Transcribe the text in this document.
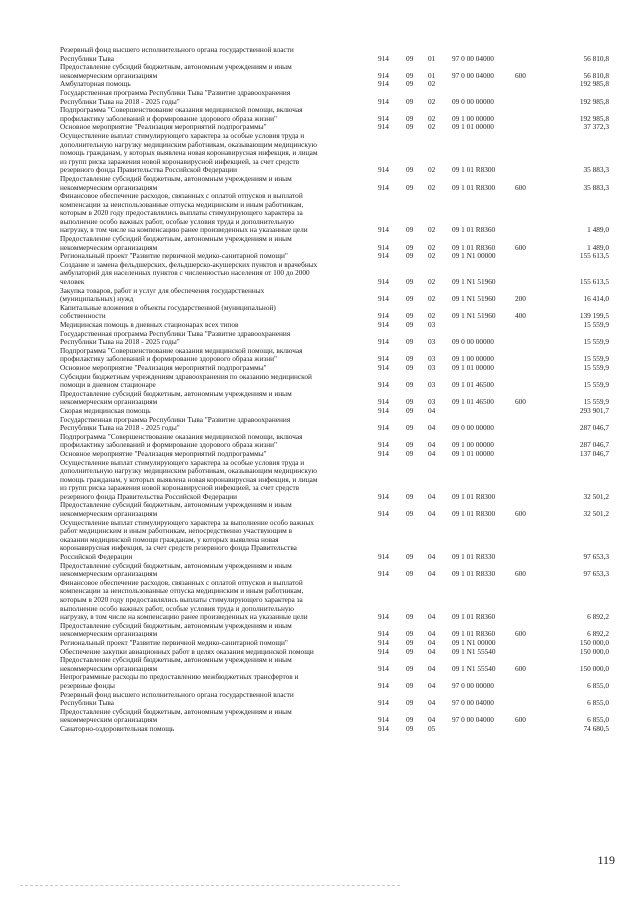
Резервный фонд высшего исполнительного органа государственной власти
Республики Тыва	914 09 01 97 0 00 04000	56 810,8
Предоставление субсидий бюджетным, автономным учреждениям и иным
некоммерческим организациям	914 09 01 97 0 00 04000	600	56 810,8
Амбулаторная помощь	914 09 02	192 985,8
Государственная программа Республики Тыва "Развитие здравоохранения
Республики Тыва на 2018 - 2025 годы"	914 09 02 09 0 00 00000	192 985,8
Подпрограмма "Совершенствование оказания медицинской помощи, включая
профилактику заболеваний и формирование здорового образа жизни"	914 09 02 09 1 00 00000	192 985,8
Основное мероприятие "Реализация мероприятий подпрограммы"	914 09 02 09 1 01 00000	37 372,3
Осуществление выплат стимулирующего характера за особые условия труда и
дополнительную нагрузку медицинским работникам, оказывающим медицинскую
помощь гражданам, у которых выявлена новая коронавирусная инфекция, и лицам
из групп риска заражения новой коронавирусной инфекцией, за счет средств
резервного фонда Правительства Российской Федерации	914 09 02 09 1 01 R8300	35 883,3
Предоставление субсидий бюджетным, автономным учреждениям и иным
некоммерческим организациям	914 09 02 09 1 01 R8300	600	35 883,3
Финансовое обеспечение расходов, связанных с оплатой отпусков и выплатой
компенсации за неиспользованные отпуска медицинским и иным работникам,
которым в 2020 году предоставлялись выплаты стимулирующего характера за
выполнение особо важных работ, особые условия труда и дополнительную
нагрузку, в том числе на компенсацию ранее произведенных на указанные цели	914 09 02 09 1 01 R8360	1 489,0
Предоставление субсидий бюджетным, автономным учреждениям и иным
некоммерческим организациям	914 09 02 09 1 01 R8360	600	1 489,0
Региональный проект "Развитие первичной медико-санитарной помощи"	914 09 02 09 1 N1 00000	155 613,5
Создание и замена фельдшерских, фельдшерско-акушерских пунктов и врачебных
амбулаторий для населенных пунктов с численностью населения от 100 до 2000
человек	914 09 02 09 1 N1 51960	155 613,5
Закупка товаров, работ и услуг для обеспечения государственных
(муниципальных) нужд	914 09 02 09 1 N1 51960	200	16 414,0
Капитальные вложения в объекты государственной (муниципальной)
собственности	914 09 02 09 1 N1 51960	400	139 199,5
Медицинская помощь в дневных стационарах всех типов	914 09 03	15 559,9
Государственная программа Республики Тыва "Развитие здравоохранения
Республики Тыва на 2018 - 2025 годы"	914 09 03 09 0 00 00000	15 559,9
Подпрограмма "Совершенствование оказания медицинской помощи, включая
профилактику заболеваний и формирование здорового образа жизни"	914 09 03 09 1 00 00000	15 559,9
Основное мероприятие "Реализация мероприятий подпрограммы"	914 09 03 09 1 01 00000	15 559,9
Субсидии бюджетным учреждениям здравоохранения по оказанию медицинской
помощи в дневном стационаре	914 09 03 09 1 01 46500	15 559,9
Предоставление субсидий бюджетным, автономным учреждениям и иным
некоммерческим организациям	914 09 03 09 1 01 46500	600	15 559,9
Скорая медицинская помощь	914 09 04	293 901,7
Государственная программа Республики Тыва "Развитие здравоохранения
Республики Тыва на 2018 - 2025 годы"	914 09 04 09 0 00 00000	287 046,7
Подпрограмма "Совершенствование оказания медицинской помощи, включая
профилактику заболеваний и формирование здорового образа жизни"	914 09 04 09 1 00 00000	287 046,7
Основное мероприятие "Реализация мероприятий подпрограммы"	914 09 04 09 1 01 00000	137 046,7
Осуществление выплат стимулирующего характера за особые условия труда и
дополнительную нагрузку медицинским работникам, оказывающим медицинскую
помощь гражданам, у которых выявлена новая коронавирусная инфекция, и лицам
из групп риска заражения новой коронавирусной инфекцией, за счет средств
резервного фонда Правительства Российской Федерации	914 09 04 09 1 01 R8300	32 501,2
Предоставление субсидий бюджетным, автономным учреждениям и иным
некоммерческим организациям	914 09 04 09 1 01 R8300	600	32 501,2
Осуществление выплат стимулирующего характера за выполнение особо важных
работ медицинским и иным работникам, непосредственно участвующим в
оказании медицинской помощи гражданам, у которых выявлена новая
коронавирусная инфекция, за счет средств резервного фонда Правительства
Российской Федерации	914 09 04 09 1 01 R8330	97 653,3
Предоставление субсидий бюджетным, автономным учреждениям и иным
некоммерческим организациям	914 09 04 09 1 01 R8330	600	97 653,3
Финансовое обеспечение расходов, связанных с оплатой отпусков и выплатой
компенсации за неиспользованные отпуска медицинским и иным работникам,
которым в 2020 году предоставлялись выплаты стимулирующего характера за
выполнение особо важных работ, особые условия труда и дополнительную
нагрузку, в том числе на компенсацию ранее произведенных на указанные цели	914 09 04 09 1 01 R8360	6 892,2
Предоставление субсидий бюджетным, автономным учреждениям и иным
некоммерческим организациям	914 09 04 09 1 01 R8360	600	6 892,2
Региональный проект "Развитие первичной медико-санитарной помощи"	914 09 04 09 1 N1 00000	150 000,0
Обеспечение закупки авиационных работ в целях оказания медицинской помощи	914 09 04 09 1 N1 55540	150 000,0
Предоставление субсидий бюджетным, автономным учреждениям и иным
некоммерческим организациям	914 09 04 09 1 N1 55540	600	150 000,0
Непрограммные расходы по предоставлению межбюджетных трансфертов и
резервные фонды	914 09 04 97 0 00 00000	6 855,0
Резервный фонд высшего исполнительного органа государственной власти
Республики Тыва	914 09 04 97 0 00 04000	6 855,0
Предоставление субсидий бюджетным, автономным учреждениям и иным
некоммерческим организациям	914 09 04 97 0 00 04000	600	6 855,0
Санаторно-оздоровительная помощь	914 09 05	74 680,5
119
